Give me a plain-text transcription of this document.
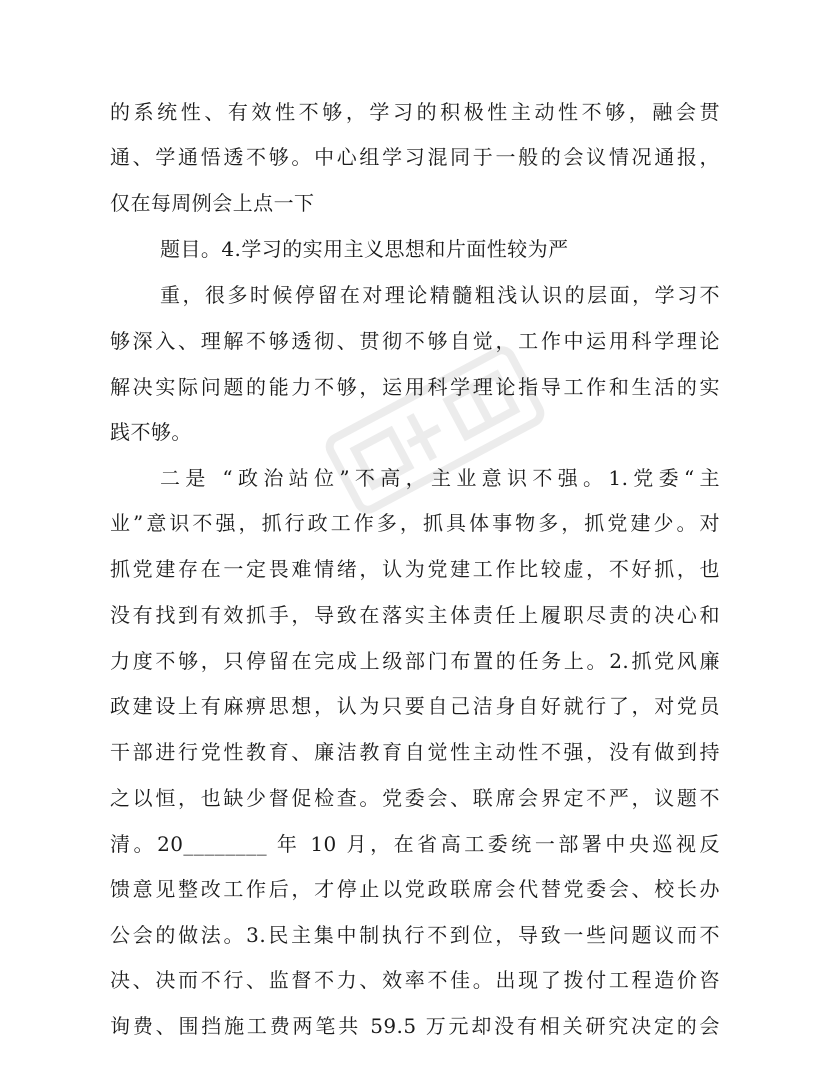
的系统性、有效性不够，学习的积极性主动性不够，融会贯
通、学通悟透不够。中心组学习混同于一般的会议情况通报，
仅在每周例会上点一下
题目。4.学习的实用主义思想和片面性较为严
重，很多时候停留在对理论精髓粗浅认识的层面，学习不
够深入、理解不够透彻、贯彻不够自觉，工作中运用科学理论
解决实际问题的能力不够，运用科学理论指导工作和生活的实
践不够。
二是 “政治站位”不高，主业意识不强。1.党委“主
业”意识不强，抓行政工作多，抓具体事物多，抓党建少。对
抓党建存在一定畏难情绪，认为党建工作比较虚，不好抓，也
没有找到有效抓手，导致在落实主体责任上履职尽责的决心和
力度不够，只停留在完成上级部门布置的任务上。2.抓党风廉
政建设上有麻痹思想，认为只要自己洁身自好就行了，对党员
干部进行党性教育、廉洁教育自觉性主动性不强，没有做到持
之以恒，也缺少督促检查。党委会、联席会界定不严，议题不
清。20________ 年 10 月，在省高工委统一部署中央巡视反
馈意见整改工作后，才停止以党政联席会代替党委会、校长办
公会的做法。3.民主集中制执行不到位，导致一些问题议而不
决、决而不行、监督不力、效率不佳。出现了拨付工程造价咨
询费、围挡施工费两笔共 59.5 万元却没有相关研究决定的会
